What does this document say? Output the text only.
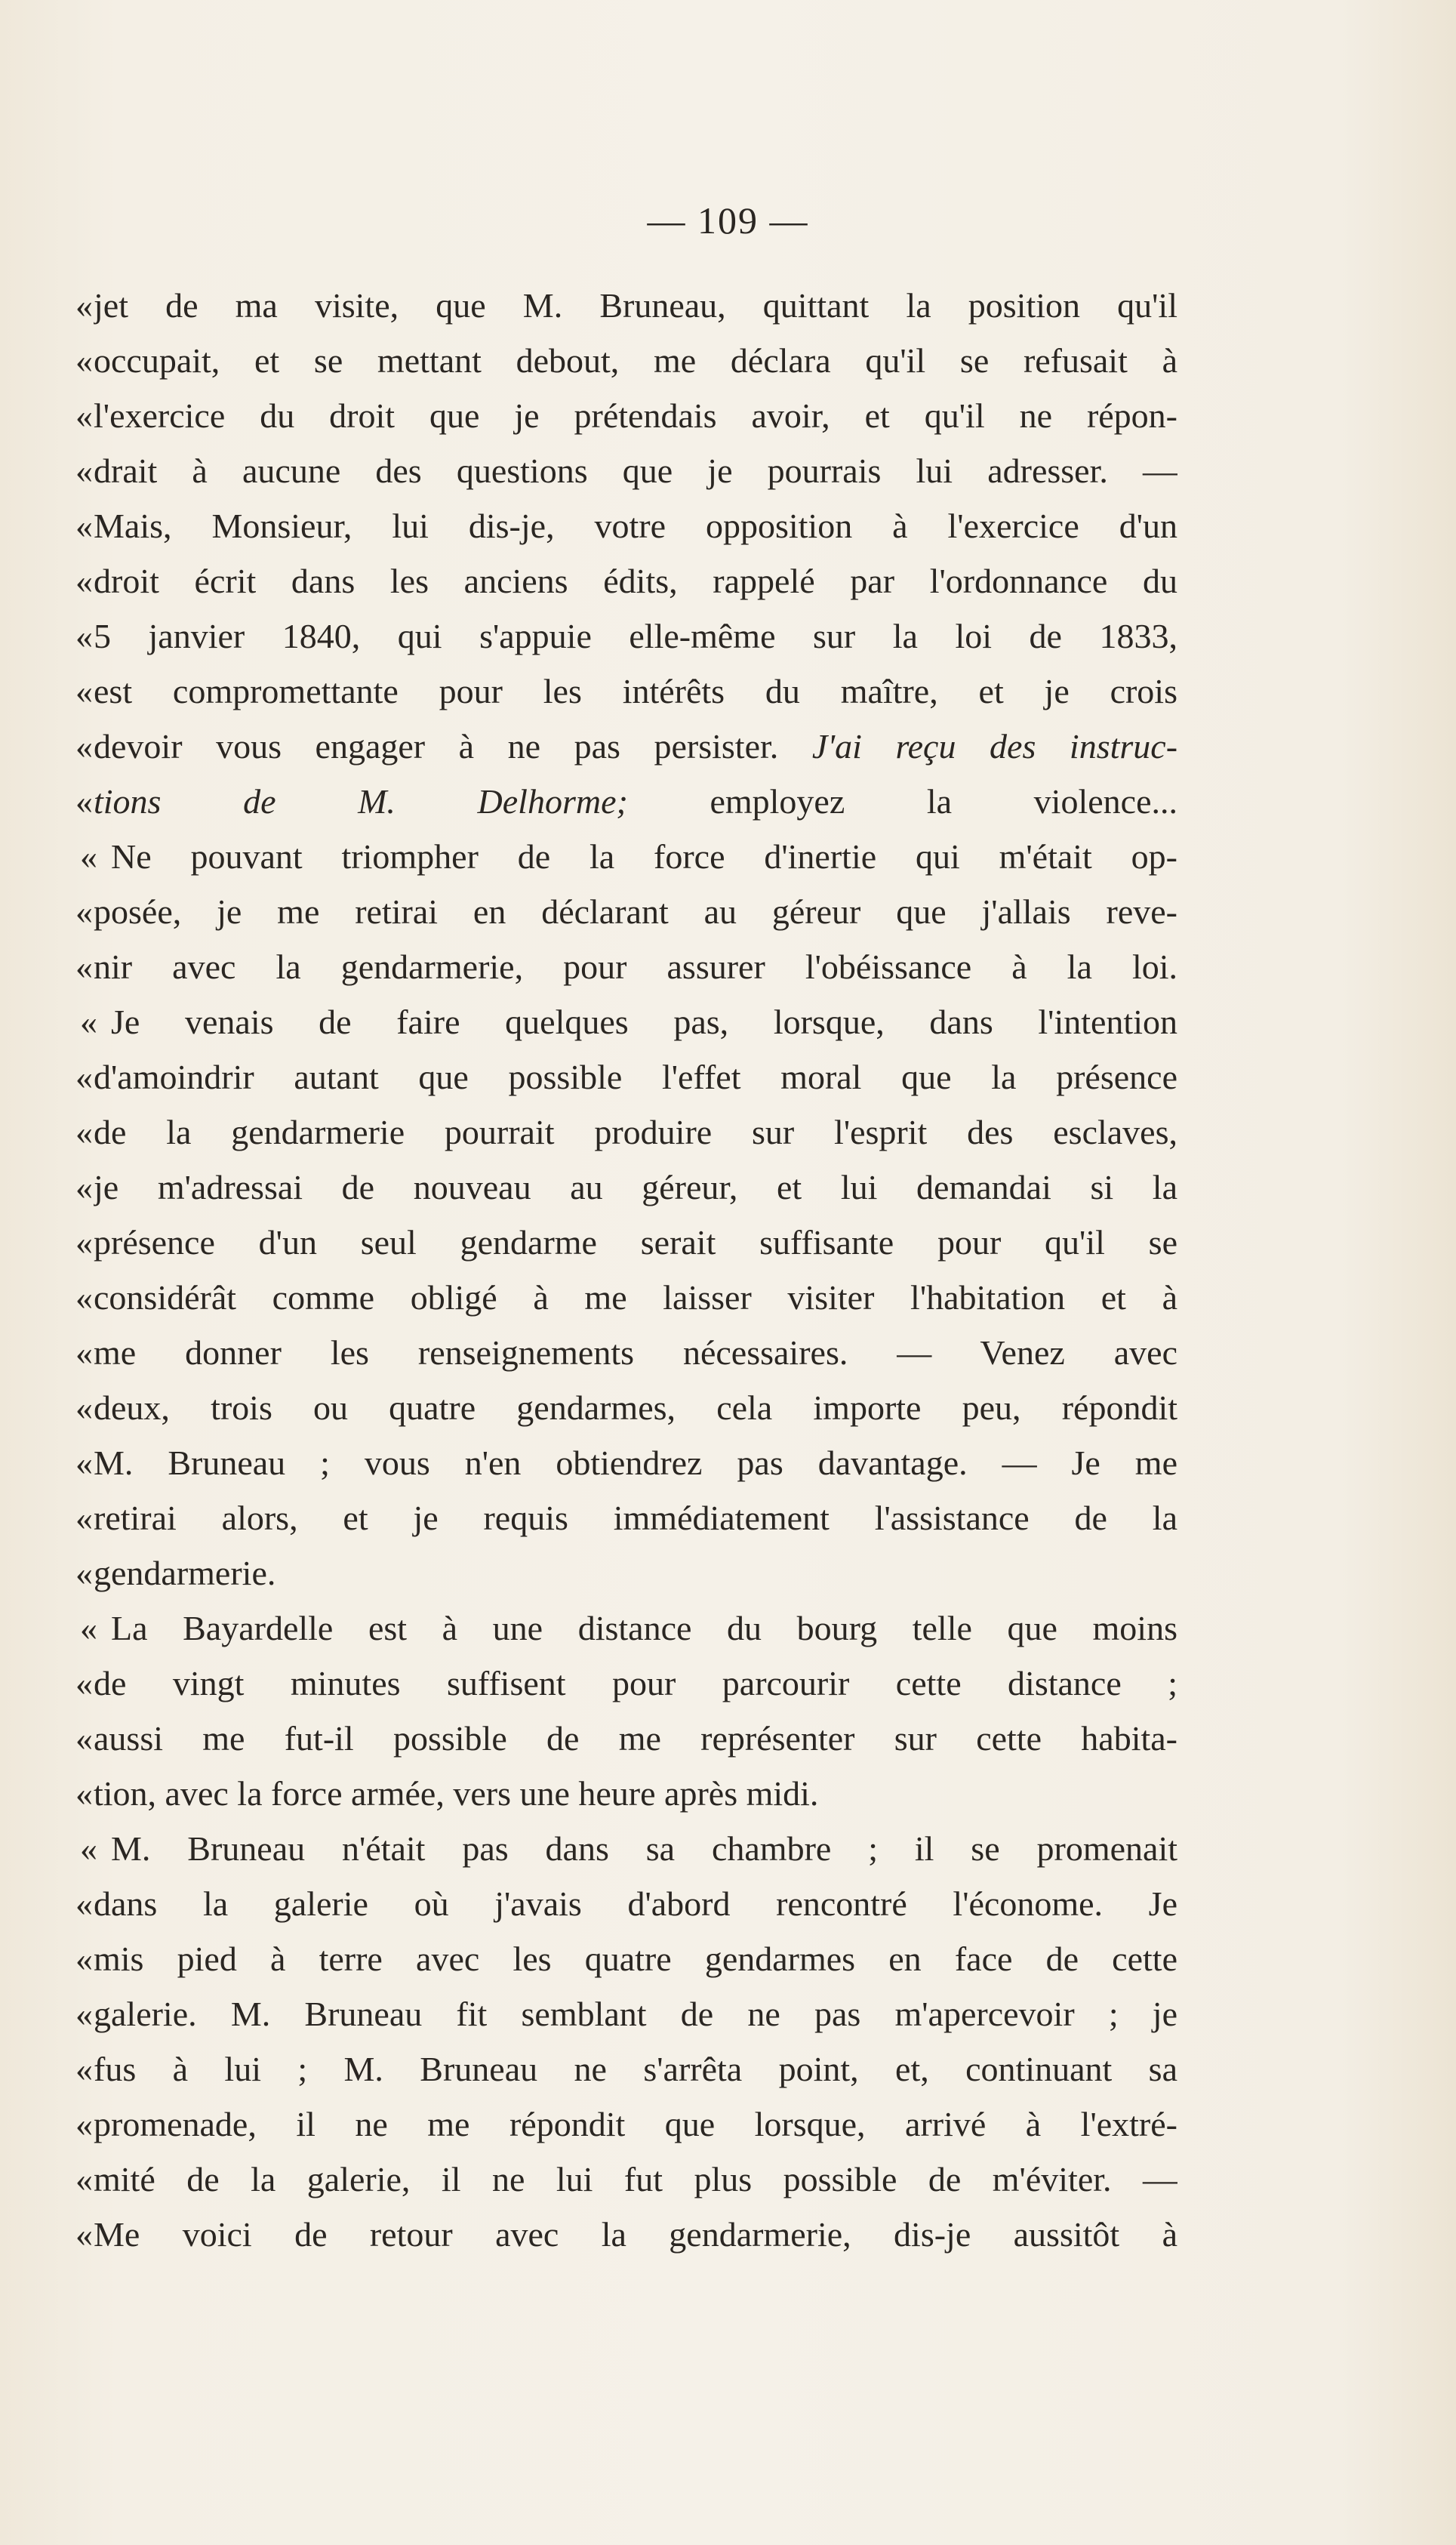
— 109 —
« jet de ma visite, que M. Bruneau, quittant la position qu'il
« occupait, et se mettant debout, me déclara qu'il se refusait à
« l'exercice du droit que je prétendais avoir, et qu'il ne répon-
« drait à aucune des questions que je pourrais lui adresser. —
« Mais, Monsieur, lui dis-je, votre opposition à l'exercice d'un
« droit écrit dans les anciens édits, rappelé par l'ordonnance du
« 5 janvier 1840, qui s'appuie elle-même sur la loi de 1833,
« est compromettante pour les intérêts du maître, et je crois
« devoir vous engager à ne pas persister. J'ai reçu des instruc-
« tions de M. Delhorme; employez la violence...
« Ne pouvant triompher de la force d'inertie qui m'était op-
« posée, je me retirai en déclarant au géreur que j'allais reve-
« nir avec la gendarmerie, pour assurer l'obéissance à la loi.
« Je venais de faire quelques pas, lorsque, dans l'intention
« d'amoindrir autant que possible l'effet moral que la présence
« de la gendarmerie pourrait produire sur l'esprit des esclaves,
« je m'adressai de nouveau au géreur, et lui demandai si la
« présence d'un seul gendarme serait suffisante pour qu'il se
« considérât comme obligé à me laisser visiter l'habitation et à
« me donner les renseignements nécessaires. — Venez avec
« deux, trois ou quatre gendarmes, cela importe peu, répondit
« M. Bruneau ; vous n'en obtiendrez pas davantage. — Je me
« retirai alors, et je requis immédiatement l'assistance de la
« gendarmerie.
« La Bayardelle est à une distance du bourg telle que moins
« de vingt minutes suffisent pour parcourir cette distance ;
« aussi me fut-il possible de me représenter sur cette habita-
« tion, avec la force armée, vers une heure après midi.
« M. Bruneau n'était pas dans sa chambre ; il se promenait
« dans la galerie où j'avais d'abord rencontré l'économe. Je
« mis pied à terre avec les quatre gendarmes en face de cette
« galerie. M. Bruneau fit semblant de ne pas m'apercevoir ; je
« fus à lui ; M. Bruneau ne s'arrêta point, et, continuant sa
« promenade, il ne me répondit que lorsque, arrivé à l'extré-
« mité de la galerie, il ne lui fut plus possible de m'éviter. —
« Me voici de retour avec la gendarmerie, dis-je aussitôt à
